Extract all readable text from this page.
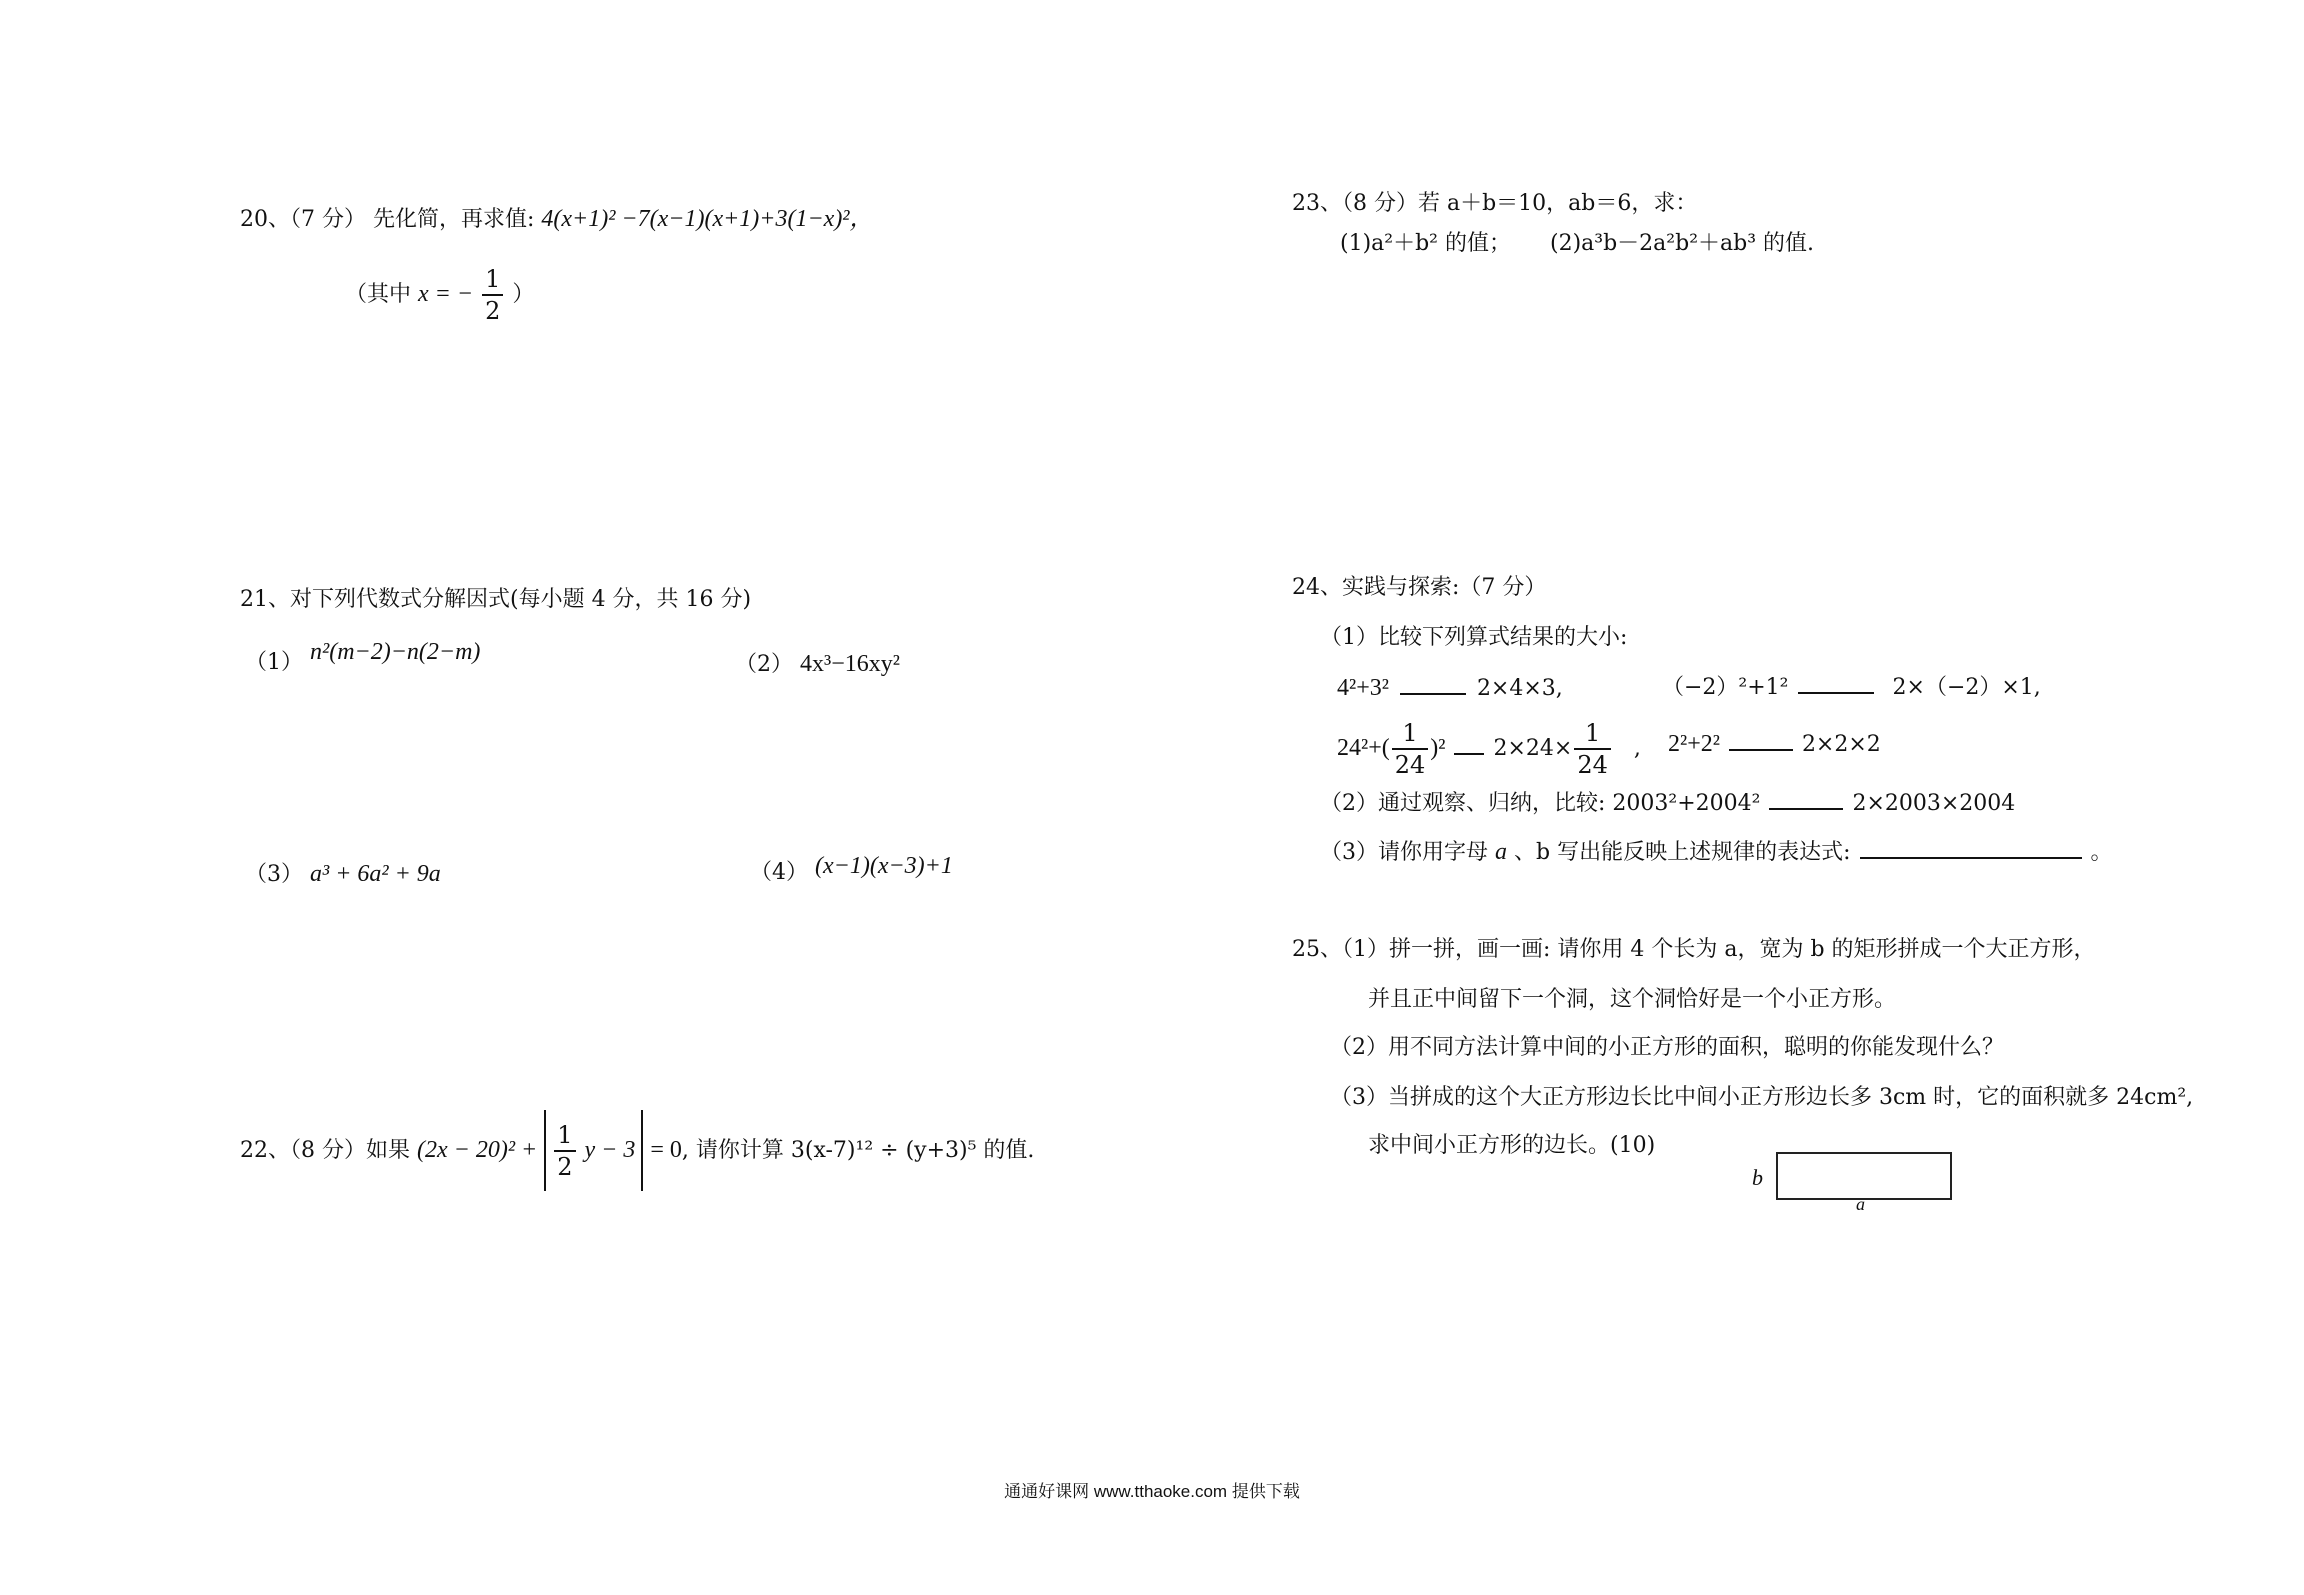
20、（7 分） 先化简，再求值: 4(x+1)² −7(x−1)(x+1)+3(1−x)²，
（其中 x = − $\frac{1}{2}$ ）
21、对下列代数式分解因式(每小题 4 分，共 16 分)
（1） n²(m−2)−n(2−m)	（2） 4x³−16xy²
（3） a³ + 6a² + 9a	（4） (x−1)(x−3)+1
22、（8 分）如果 $(2x - 20)^2 + \frac{1}{2}$ y − 3 = 0, 请你计算 3(x-7)¹² ÷ (y+3)⁵ 的值.
23、（8 分）若 a＋b＝10，ab＝6，求：
(1)a²＋b² 的值； (2)a³b－2a²b²＋ab³ 的值.
24、实践与探索:（7 分）
（1）比较下列算式结果的大小:
4²+3²	2×4×3,	（−2）²+1²	2×（−2）×1,
$24^2+( \frac{1}{24} )^2$ $2\times 24\times \frac{1}{24}$ , 2²+2²	2×2×2
（2）通过观察、归纳，比较: 2003²+2004²	2×2003×2004
（3）请你用字母 a 、b 写出能反映上述规律的表达式:	。
25、（1）拼一拼，画一画: 请你用 4 个长为 a，宽为 b 的矩形拼成一个大正方形，
并且正中间留下一个洞，这个洞恰好是一个小正方形。
（2）用不同方法计算中间的小正方形的面积，聪明的你能发现什么？
（3）当拼成的这个大正方形边长比中间小正方形边长多 3cm 时，它的面积就多 24cm²,
求中间小正方形的边长。(10)
b
a
通通好课网 www.tthaoke.com 提供下载
